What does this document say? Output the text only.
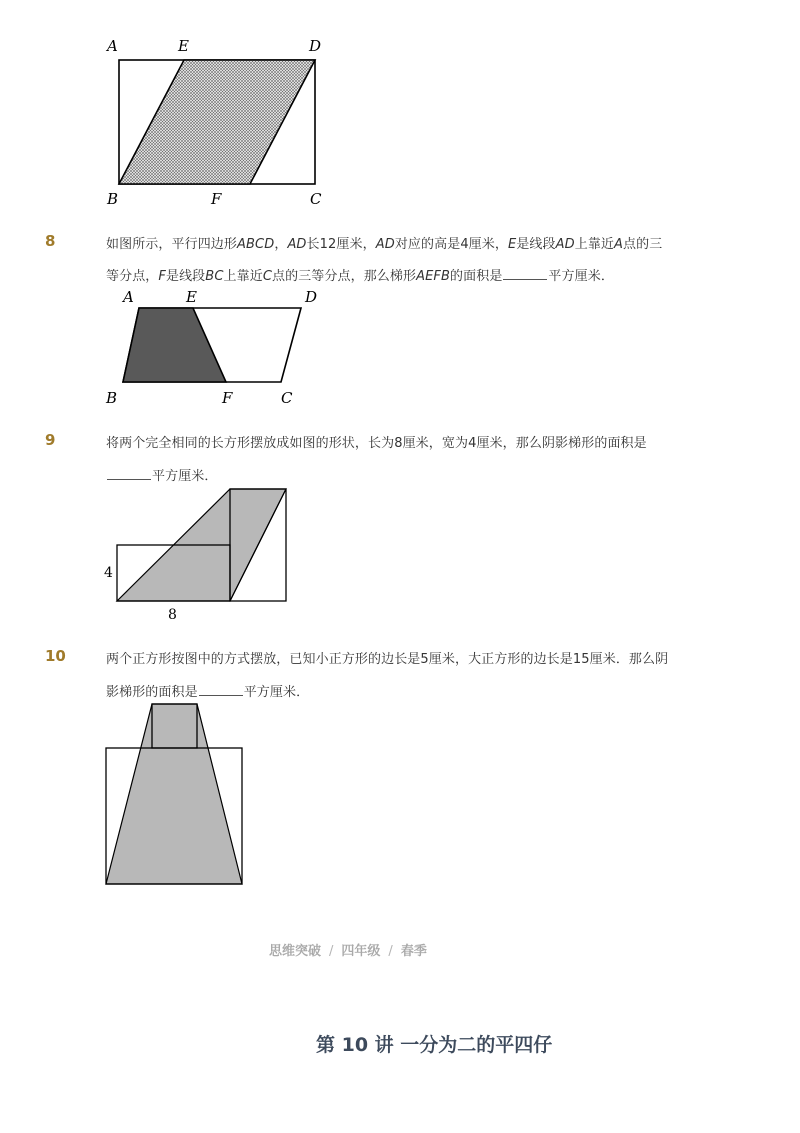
A	E	D
B	F	C
8	如图所示，平行四边形ABCD，AD长12厘米，AD对应的高是4厘米，E是线段AD上靠近A点的三
等分点，F是线段BC上靠近C点的三等分点，那么梯形AEFB的面积是	平方厘米．
A	E	D
B	F	C
9	将两个完全相同的长方形摆放成如图的形状，长为8厘米，宽为4厘米，那么阴影梯形的面积是
平方厘米．
4
8
10	两个正方形按图中的方式摆放，已知小正方形的边长是5厘米，大正方形的边长是15厘米．那么阴
影梯形的面积是	平方厘米．
思维突破 / 四年级 / 春季
第 10 讲 一分为二的平四仔
